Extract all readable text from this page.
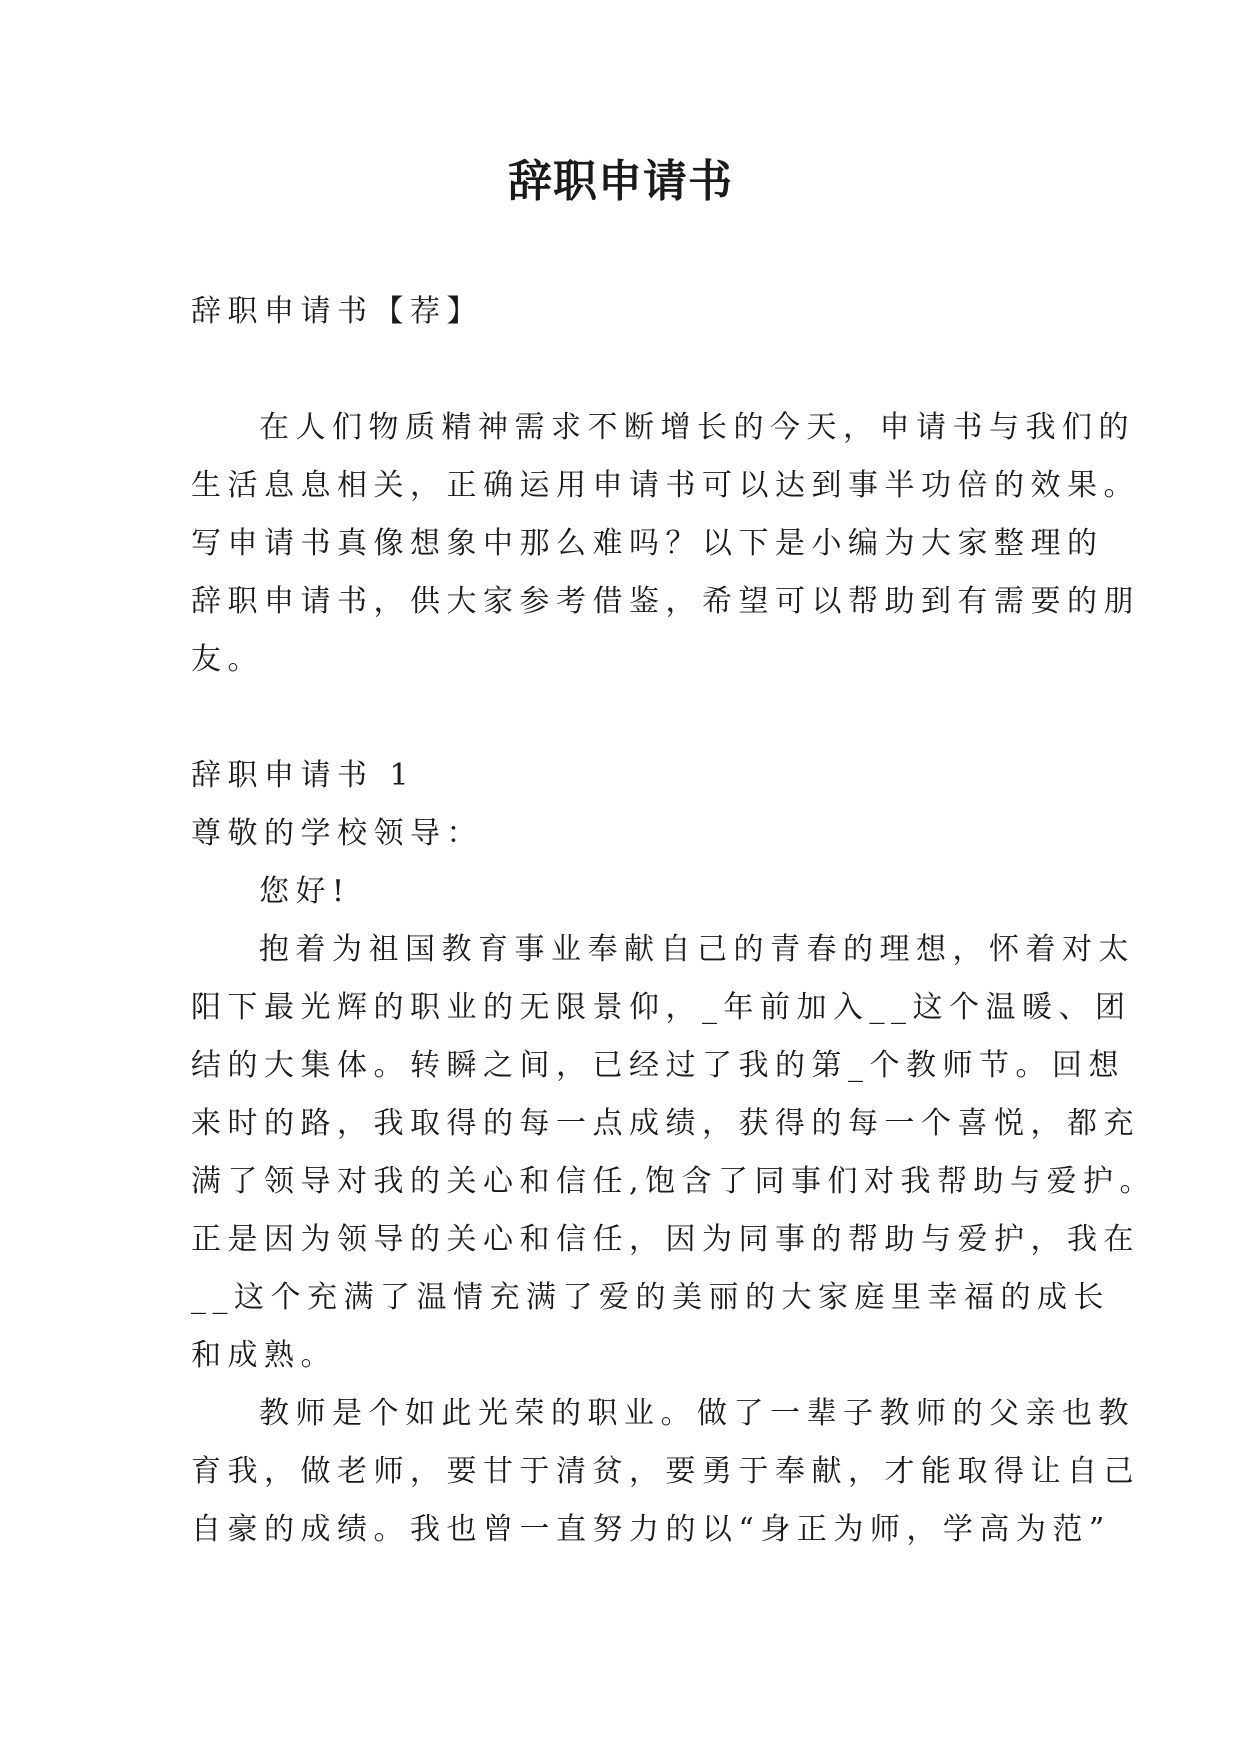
辞职申请书
辞职申请书【荐】
在人们物质精神需求不断增长的今天，申请书与我们的
生活息息相关，正确运用申请书可以达到事半功倍的效果。
写申请书真像想象中那么难吗？以下是小编为大家整理的
辞职申请书，供大家参考借鉴，希望可以帮助到有需要的朋
友。
辞职申请书 1
尊敬的学校领导：
您好!
抱着为祖国教育事业奉献自己的青春的理想，怀着对太
阳下最光辉的职业的无限景仰，_年前加入__这个温暖、团
结的大集体。转瞬之间，已经过了我的第_个教师节。回想
来时的路，我取得的每一点成绩，获得的每一个喜悦，都充
满了领导对我的关心和信任,饱含了同事们对我帮助与爱护。
正是因为领导的关心和信任，因为同事的帮助与爱护，我在
__这个充满了温情充满了爱的美丽的大家庭里幸福的成长
和成熟。
教师是个如此光荣的职业。做了一辈子教师的父亲也教
育我，做老师，要甘于清贫，要勇于奉献，才能取得让自己
自豪的成绩。我也曾一直努力的以“身正为师，学高为范”
